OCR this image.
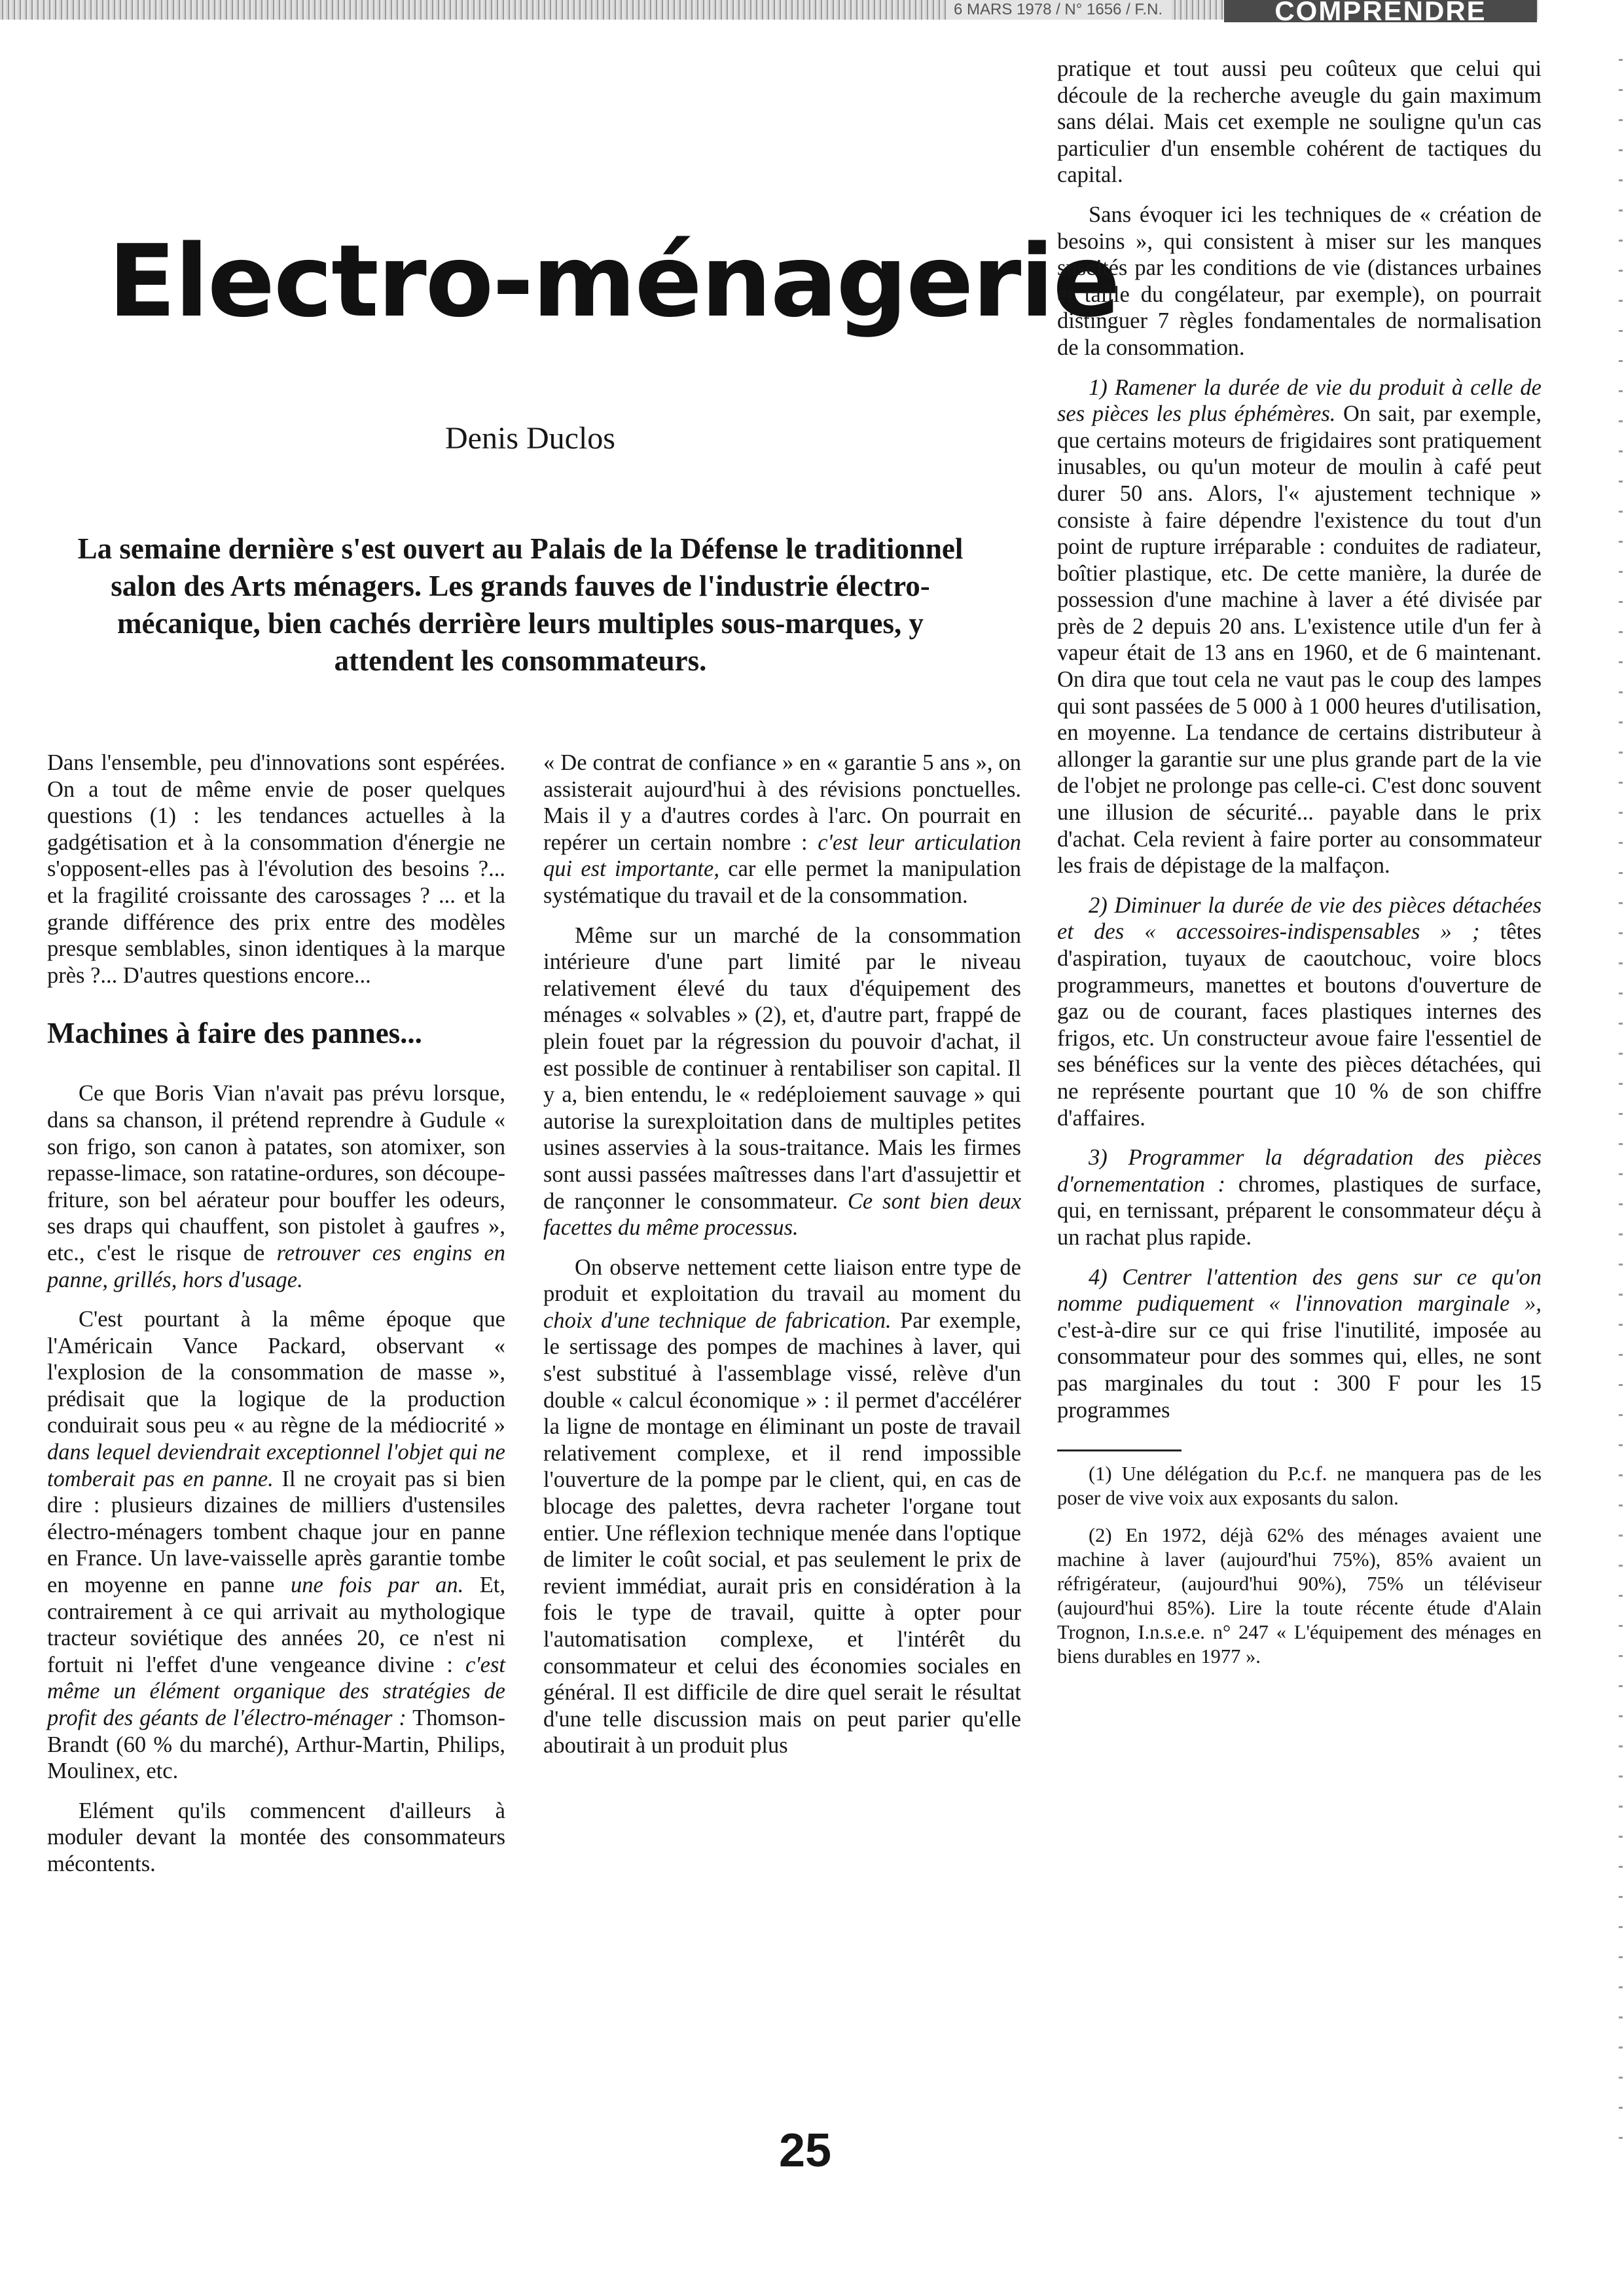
6 MARS 1978 / N° 1656 / F.N.	COMPRENDRE
Electro-ménagerie

Denis Duclos

La semaine dernière s'est ouvert au Palais de la Défense le traditionnel salon des Arts ménagers. Les grands fauves de l'industrie électro-mécanique, bien cachés derrière leurs multiples sous-marques, y attendent les consommateurs.

Dans l'ensemble, peu d'innovations sont espérées. On a tout de même envie de poser quelques questions (1) : les tendances actuelles à la gadgétisation et à la consommation d'énergie ne s'opposent-elles pas à l'évolution des besoins ?... et la fragilité croissante des carossages ? ... et la grande différence des prix entre des modèles presque semblables, sinon identiques à la marque près ?... D'autres questions encore...

Machines à faire des pannes...

Ce que Boris Vian n'avait pas prévu lorsque, dans sa chanson, il prétend reprendre à Gudule « son frigo, son canon à patates, son atomixer, son repasse-limace, son ratatine-ordures, son découpe-friture, son bel aérateur pour bouffer les odeurs, ses draps qui chauffent, son pistolet à gaufres », etc., c'est le risque de retrouver ces engins en panne, grillés, hors d'usage.

C'est pourtant à la même époque que l'Américain Vance Packard, observant « l'explosion de la consommation de masse », prédisait que la logique de la production conduirait sous peu « au règne de la médiocrité » dans lequel deviendrait exceptionnel l'objet qui ne tomberait pas en panne. Il ne croyait pas si bien dire : plusieurs dizaines de milliers d'ustensiles électro-ménagers tombent chaque jour en panne en France. Un lave-vaisselle après garantie tombe en moyenne en panne une fois par an. Et, contrairement à ce qui arrivait au mythologique tracteur soviétique des années 20, ce n'est ni fortuit ni l'effet d'une vengeance divine : c'est même un élément organique des stratégies de profit des géants de l'électro-ménager : Thomson-Brandt (60 % du marché), Arthur-Martin, Philips, Moulinex, etc.

Elément qu'ils commencent d'ailleurs à moduler devant la montée des consommateurs mécontents.

« De contrat de confiance » en « garantie 5 ans », on assisterait aujourd'hui à des révisions ponctuelles. Mais il y a d'autres cordes à l'arc. On pourrait en repérer un certain nombre : c'est leur articulation qui est importante, car elle permet la manipulation systématique du travail et de la consommation.

Même sur un marché de la consommation intérieure d'une part limité par le niveau relativement élevé du taux d'équipement des ménages « solvables » (2), et, d'autre part, frappé de plein fouet par la régression du pouvoir d'achat, il est possible de continuer à rentabiliser son capital. Il y a, bien entendu, le « redéploiement sauvage » qui autorise la surexploitation dans de multiples petites usines asservies à la sous-traitance. Mais les firmes sont aussi passées maîtresses dans l'art d'assujettir et de rançonner le consommateur. Ce sont bien deux facettes du même processus.

On observe nettement cette liaison entre type de produit et exploitation du travail au moment du choix d'une technique de fabrication. Par exemple, le sertissage des pompes de machines à laver, qui s'est substitué à l'assemblage vissé, relève d'un double « calcul économique » : il permet d'accélérer la ligne de montage en éliminant un poste de travail relativement complexe, et il rend impossible l'ouverture de la pompe par le client, qui, en cas de blocage des palettes, devra racheter l'organe tout entier. Une réflexion technique menée dans l'optique de limiter le coût social, et pas seulement le prix de revient immédiat, aurait pris en considération à la fois le type de travail, quitte à opter pour l'automatisation complexe, et l'intérêt du consommateur et celui des économies sociales en général. Il est difficile de dire quel serait le résultat d'une telle discussion mais on peut parier qu'elle aboutirait à un produit plus

pratique et tout aussi peu coûteux que celui qui découle de la recherche aveugle du gain maximum sans délai. Mais cet exemple ne souligne qu'un cas particulier d'un ensemble cohérent de tactiques du capital.

Sans évoquer ici les techniques de « création de besoins », qui consistent à miser sur les manques suscités par les conditions de vie (distances urbaines et taille du congélateur, par exemple), on pourrait distinguer 7 règles fondamentales de normalisation de la consommation.

1) Ramener la durée de vie du produit à celle de ses pièces les plus éphémères. On sait, par exemple, que certains moteurs de frigidaires sont pratiquement inusables, ou qu'un moteur de moulin à café peut durer 50 ans. Alors, l'« ajustement technique » consiste à faire dépendre l'existence du tout d'un point de rupture irréparable : conduites de radiateur, boîtier plastique, etc. De cette manière, la durée de possession d'une machine à laver a été divisée par près de 2 depuis 20 ans. L'existence utile d'un fer à vapeur était de 13 ans en 1960, et de 6 maintenant. On dira que tout cela ne vaut pas le coup des lampes qui sont passées de 5 000 à 1 000 heures d'utilisation, en moyenne. La tendance de certains distributeur à allonger la garantie sur une plus grande part de la vie de l'objet ne prolonge pas celle-ci. C'est donc souvent une illusion de sécurité... payable dans le prix d'achat. Cela revient à faire porter au consommateur les frais de dépistage de la malfaçon.

2) Diminuer la durée de vie des pièces détachées et des « accessoires-indispensables » ; têtes d'aspiration, tuyaux de caoutchouc, voire blocs programmeurs, manettes et boutons d'ouverture de gaz ou de courant, faces plastiques internes des frigos, etc. Un constructeur avoue faire l'essentiel de ses bénéfices sur la vente des pièces détachées, qui ne représente pourtant que 10 % de son chiffre d'affaires.

3) Programmer la dégradation des pièces d'ornementation : chromes, plastiques de surface, qui, en ternissant, préparent le consommateur déçu à un rachat plus rapide.

4) Centrer l'attention des gens sur ce qu'on nomme pudiquement « l'innovation marginale », c'est-à-dire sur ce qui frise l'inutilité, imposée au consommateur pour des sommes qui, elles, ne sont pas marginales du tout : 300 F pour les 15 programmes

(1) Une délégation du P.c.f. ne manquera pas de les poser de vive voix aux exposants du salon.

(2) En 1972, déjà 62% des ménages avaient une machine à laver (aujourd'hui 75%), 85% avaient un réfrigérateur, (aujourd'hui 90%), 75% un téléviseur (aujourd'hui 85%). Lire la toute récente étude d'Alain Trognon, I.n.s.e.e. n° 247 « L'équipement des ménages en biens durables en 1977 ».

25
